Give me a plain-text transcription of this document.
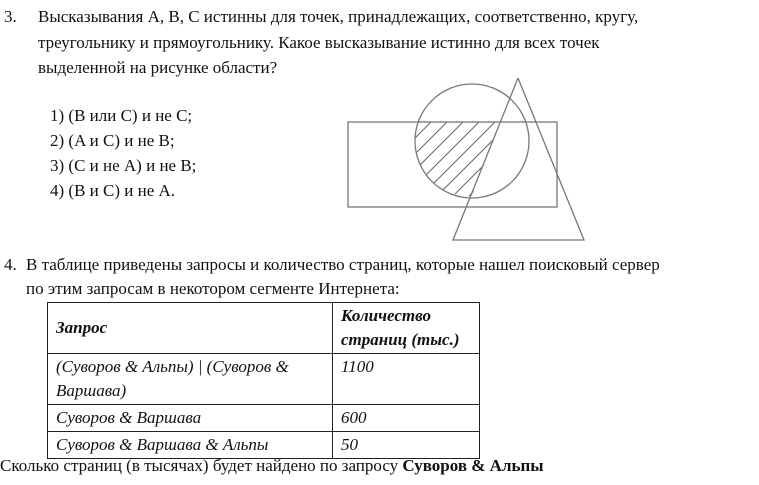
3. Высказывания A, B, C истинны для точек, принадлежащих, соответственно, кругу,
треугольнику и прямоугольнику. Какое высказывание истинно для всех точек
выделенной на рисунке области?
1) (B или C) и не C;
2) (A и C) и не B;
3) (C и не A) и не B;
4) (B и C) и не A.
4. В таблице приведены запросы и количество страниц, которые нашел поисковый сервер
по этим запросам в некотором сегменте Интернета:
Запрос	Количество
страниц (тыс.)
(Суворов & Альпы) | (Суворов &
Варшава)	1100
Суворов & Варшава	600
Суворов & Варшава & Альпы	50
Сколько страниц (в тысячах) будет найдено по запросу Суворов & Альпы
